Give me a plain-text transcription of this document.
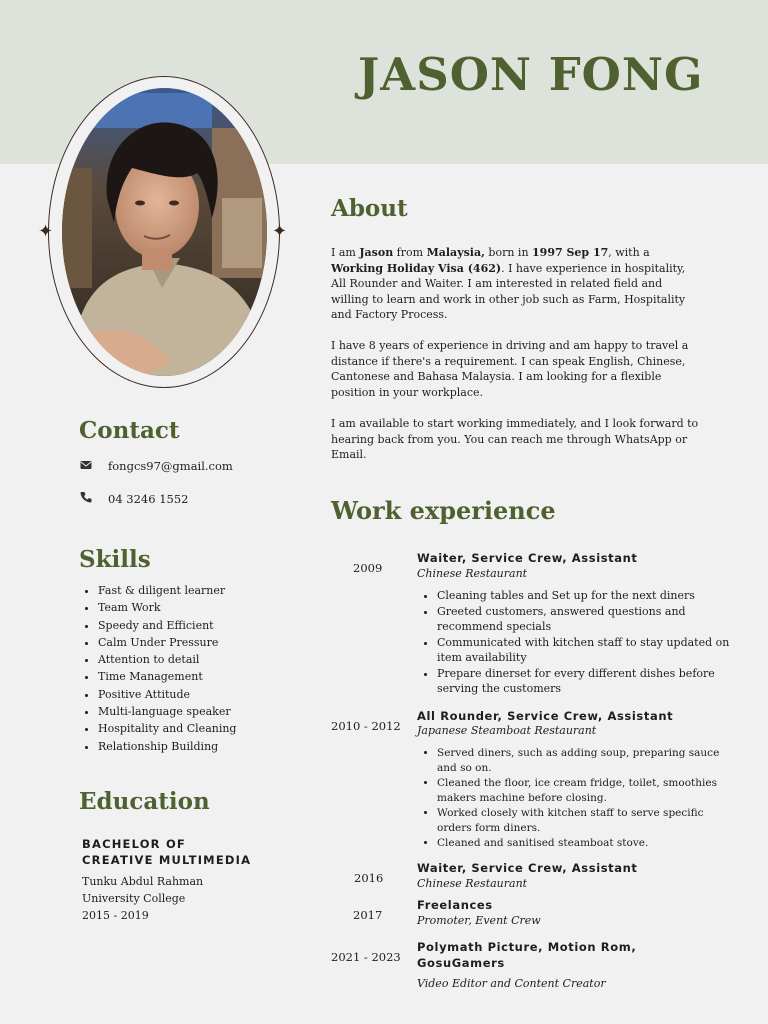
JASON FONG
✦	✦
About
I am Jason from Malaysia, born in 1997 Sep 17, with a Working Holiday Visa (462). I have experience in hospitality, All Rounder and Waiter. I am interested in related field and willing to learn and work in other job such as Farm, Hospitality and Factory Process.
I have 8 years of experience in driving and am happy to travel a distance if there's a requirement. I can speak English, Chinese, Cantonese and Bahasa Malaysia. I am looking for a flexible position in your workplace.
I am available to start working immediately, and I look forward to hearing back from you. You can reach me through WhatsApp or Email.
Contact
fongcs97@gmail.com
04 3246 1552
Skills
• Fast & diligent learner
• Team Work
• Speedy and Efficient
• Calm Under Pressure
• Attention to detail
• Time Management
• Positive Attitude
• Multi-language speaker
• Hospitality and Cleaning
• Relationship Building
Education
BACHELOR OF
CREATIVE MULTIMEDIA
Tunku Abdul Rahman
University College
2015 - 2019
Work experience
2009
Waiter, Service Crew, Assistant
Chinese Restaurant
• Cleaning tables and Set up for the next diners
• Greeted customers, answered questions and recommend specials
• Communicated with kitchen staff to stay updated on item availability
• Prepare dinerset for every different dishes before serving the customers
2010 - 2012
All Rounder, Service Crew, Assistant
Japanese Steamboat Restaurant
• Served diners, such as adding soup, preparing sauce and so on.
• Cleaned the floor, ice cream fridge, toilet, smoothies makers machine before closing.
• Worked closely with kitchen staff to serve specific orders form diners.
• Cleaned and sanitised steamboat stove.
2016
Waiter, Service Crew, Assistant
Chinese Restaurant
2017
Freelances
Promoter, Event Crew
2021 - 2023
Polymath Picture, Motion Rom,
GosuGamers
Video Editor and Content Creator
